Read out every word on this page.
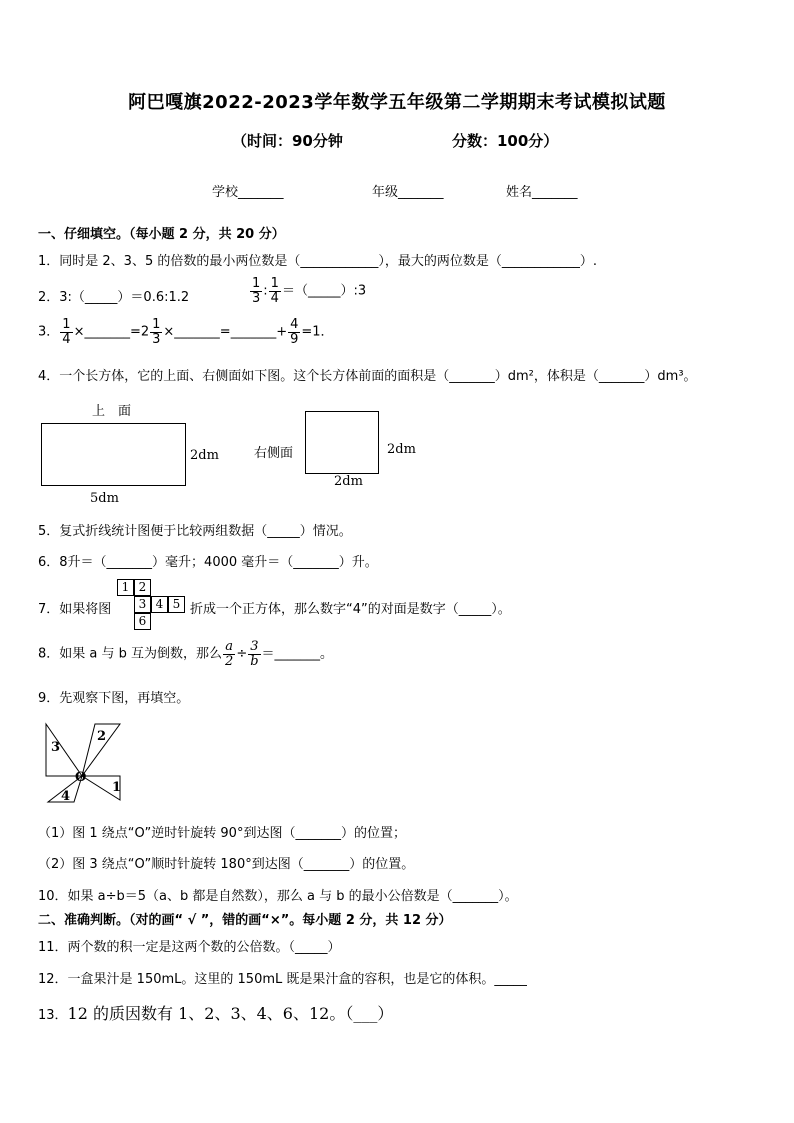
阿巴嘎旗2022-2023学年数学五年级第二学期期末考试模拟试题
（时间：90分钟	分数：100分）
学校_______	年级_______	姓名_______
一、仔细填空。（每小题 2 分，共 20 分）
1．同时是 2、3、5 的倍数的最小两位数是（____________），最大的两位数是（____________）.
2．3:（_____）＝0.6:1.2	$\frac{1}{3}$ : $\frac{1}{4}$ ＝（_____）:3
3． $\frac{1}{4}$ ×_______=2 $\frac{1}{3}$ ×_______=_______+ $\frac{4}{9} =1$．
4．一个长方体，它的上面、右侧面如下图。这个长方体前面的面积是（_______）dm²，体积是（_______）dm³。
上　面
2dm
5dm
右侧面	2dm
2dm
5．复式折线统计图便于比较两组数据（_____）情况。
6．8升＝（_______）毫升；4000 毫升＝（_______）升。
7．如果将图
1 2
3 4 5
6
折成一个正方体，那么数字“4”的对面是数字（_____）。
8．如果 a 与 b 互为倒数，那么 $\frac{a}{2} \div \frac{3}{b}$ ＝_______。
9．先观察下图，再填空。
3
2
1
4
O
（1）图 1 绕点“O”逆时针旋转 90°到达图（_______）的位置；
（2）图 3 绕点“O”顺时针旋转 180°到达图（_______）的位置。
10．如果 a÷b＝5（a、b 都是自然数），那么 a 与 b 的最小公倍数是（_______）。
二、准确判断。（对的画“ √ ”，错的画“×”。每小题 2 分，共 12 分）
11．两个数的积一定是这两个数的公倍数。（_____）
12．一盒果汁是 150mL。这里的 150mL 既是果汁盒的容积，也是它的体积。_____
13．12 的质因数有 1、2、3、4、6、12。（___）
